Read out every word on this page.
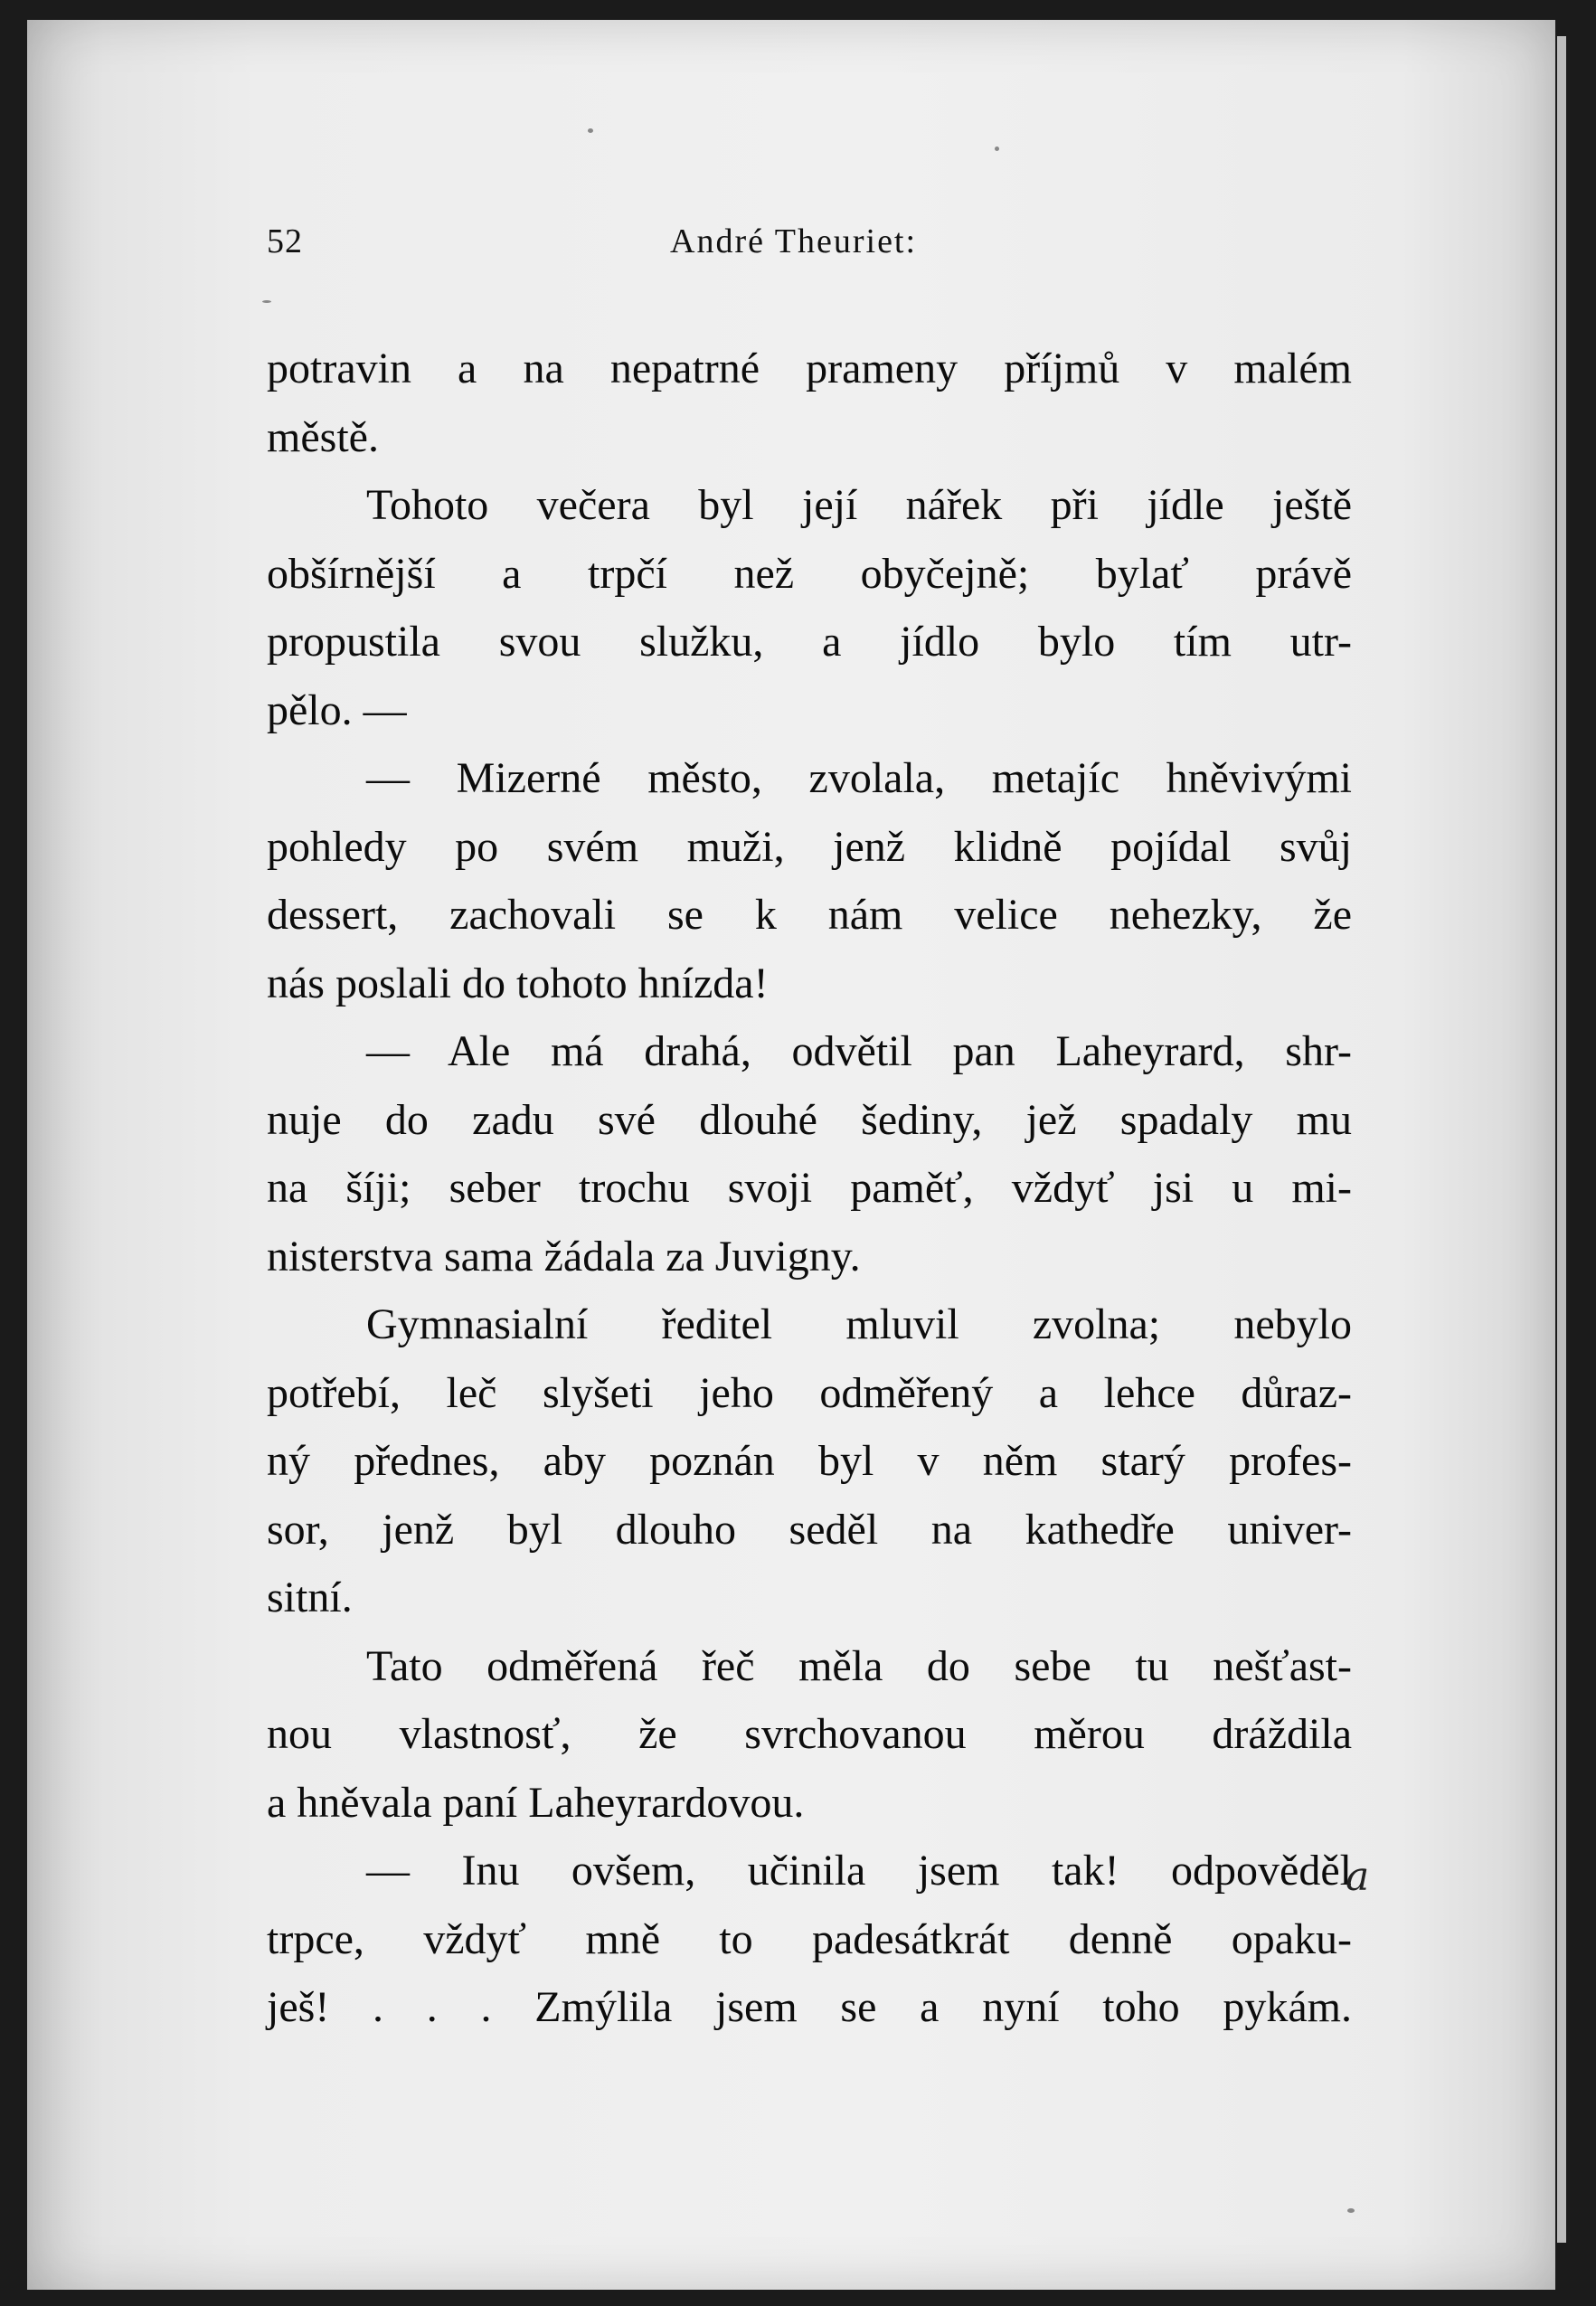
52	André Theuriet:
potravin a na nepatrné prameny příjmů v malém
městě.
Tohoto večera byl její nářek při jídle ještě
obšírnější a trpčí než obyčejně; bylať právě
propustila svou služku, a jídlo bylo tím utr-
pělo. —
— Mizerné město, zvolala, metajíc hněvivými
pohledy po svém muži, jenž klidně pojídal svůj
dessert, zachovali se k nám velice nehezky, že
nás poslali do tohoto hnízda!
— Ale má drahá, odvětil pan Laheyrard, shr-
nuje do zadu své dlouhé šediny, jež spadaly mu
na šíji; seber trochu svoji paměť, vždyť jsi u mi-
nisterstva sama žádala za Juvigny.
Gymnasialní ředitel mluvil zvolna; nebylo
potřebí, leč slyšeti jeho odměřený a lehce důraz-
ný přednes, aby poznán byl v něm starý profes-
sor, jenž byl dlouho seděl na kathedře univer-
sitní.
Tato odměřená řeč měla do sebe tu nešťast-
nou vlastnosť, že svrchovanou měrou dráždila
a hněvala paní Laheyrardovou.
— Inu ovšem, učinila jsem tak! odpověděl
trpce, vždyť mně to padesátkrát denně opaku-
ješ! . . . Zmýlila jsem se a nyní toho pykám.
a
